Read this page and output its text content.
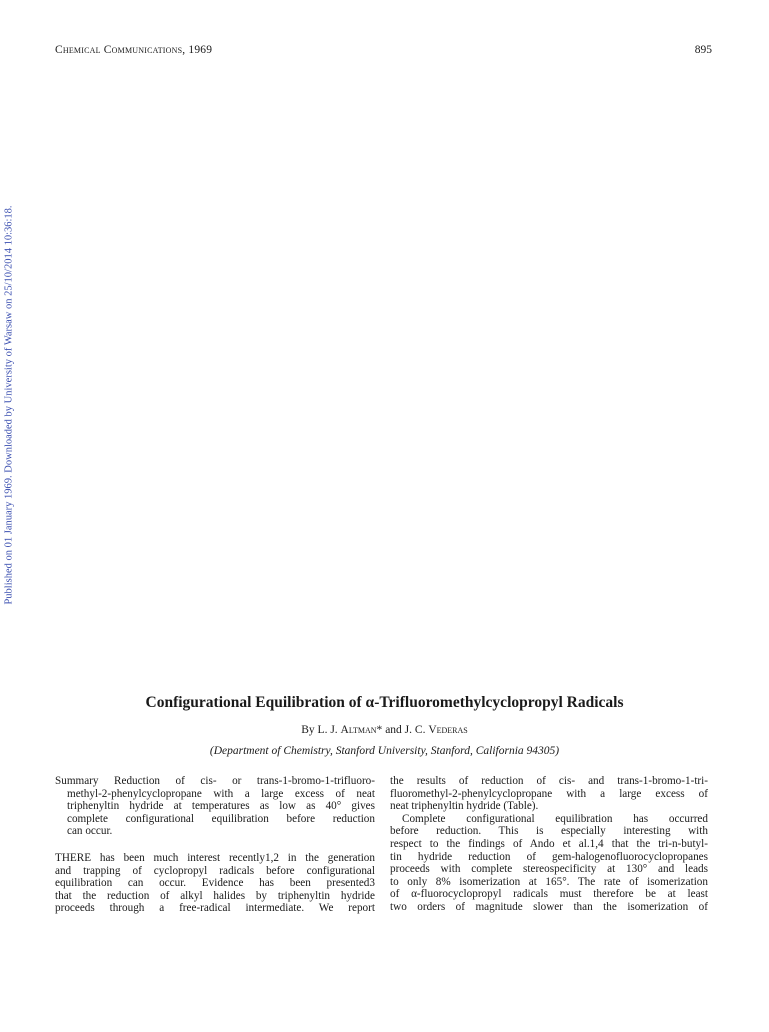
Chemical Communications, 1969	895
Published on 01 January 1969. Downloaded by University of Warsaw on 25/10/2014 10:36:18.
Configurational Equilibration of α-Trifluoromethylcyclopropyl Radicals
By L. J. Altman* and J. C. Vederas
(Department of Chemistry, Stanford University, Stanford, California 94305)
Summary Reduction of cis- or trans-1-bromo-1-trifluoro-
methyl-2-phenylcyclopropane with a large excess of neat
triphenyltin hydride at temperatures as low as 40° gives
complete configurational equilibration before reduction
can occur.
THERE has been much interest recently1,2 in the generation
and trapping of cyclopropyl radicals before configurational
equilibration can occur. Evidence has been presented3
that the reduction of alkyl halides by triphenyltin hydride
proceeds through a free-radical intermediate. We report
the results of reduction of cis- and trans-1-bromo-1-tri-
fluoromethyl-2-phenylcyclopropane with a large excess of
neat triphenyltin hydride (Table).
Complete configurational equilibration has occurred
before reduction. This is especially interesting with
respect to the findings of Ando et al.1,4 that the tri-n-butyl-
tin hydride reduction of gem-halogenofluorocyclopropanes
proceeds with complete stereospecificity at 130° and leads
to only 8% isomerization at 165°. The rate of isomerization
of α-fluorocyclopropyl radicals must therefore be at least
two orders of magnitude slower than the isomerization of
